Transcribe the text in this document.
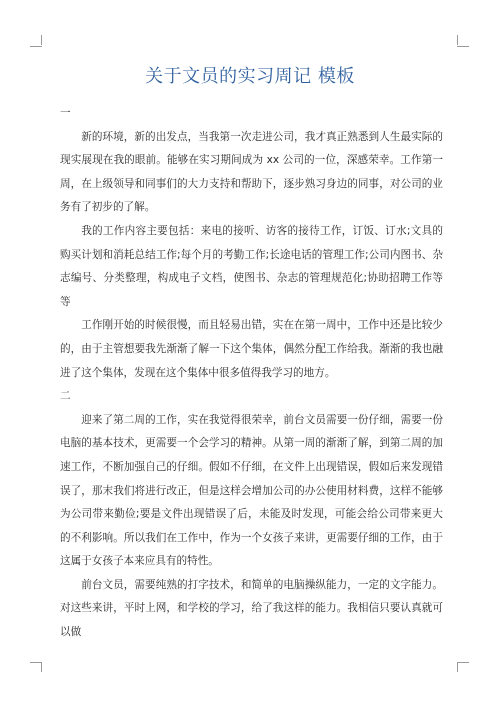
关于文员的实习周记 模板

一

新的环境，新的出发点，当我第一次走进公司，我才真正熟悉到人生最实际的现实展现在我的眼前。能够在实习期间成为 xx 公司的一位，深感荣幸。工作第一周，在上级领导和同事们的大力支持和帮助下，逐步熟习身边的同事，对公司的业务有了初步的了解。

我的工作内容主要包括：来电的接听、访客的接待工作，订饭、订水;文具的购买计划和消耗总结工作;每个月的考勤工作;长途电话的管理工作;公司内图书、杂志编号、分类整理，构成电子文档，使图书、杂志的管理规范化;协助招聘工作等等

工作刚开始的时候很慢，而且轻易出错，实在在第一周中，工作中还是比较少的，由于主管想要我先渐渐了解一下这个集体，偶然分配工作给我。渐渐的我也融进了这个集体，发现在这个集体中很多值得我学习的地方。

二

迎来了第二周的工作，实在我觉得很荣幸，前台文员需要一份仔细，需要一份电脑的基本技术，更需要一个会学习的精神。从第一周的渐渐了解，到第二周的加速工作，不断加强自己的仔细。假如不仔细，在文件上出现错误，假如后来发现错误了，那末我们将进行改正，但是这样会增加公司的办公使用材料费，这样不能够为公司带来勤俭;要是文件出现错误了后，未能及时发现，可能会给公司带来更大的不利影响。所以我们在工作中，作为一个女孩子来讲，更需要仔细的工作，由于这属于女孩子本来应具有的特性。

前台文员，需要纯熟的打字技术，和简单的电脑操纵能力，一定的文字能力。对这些来讲，平时上网，和学校的学习，给了我这样的能力。我相信只要认真就可以做
